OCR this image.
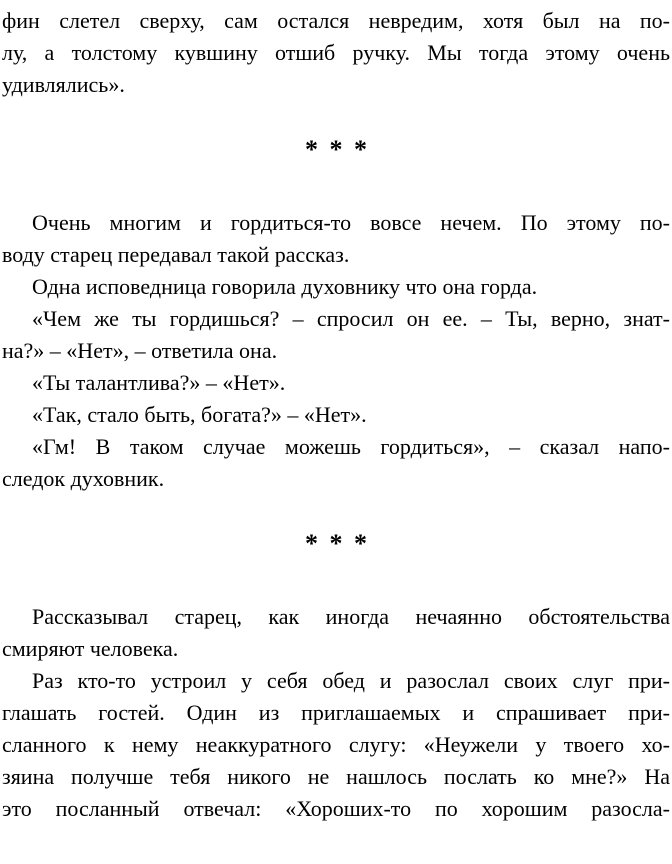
фин слетел сверху, сам остался невредим, хотя был на по-
лу, а толстому кувшину отшиб ручку. Мы тогда этому очень
удивлялись».
* * *
Очень многим и гордиться-то вовсе нечем. По этому по-
воду старец передавал такой рассказ.
Одна исповедница говорила духовнику что она горда.
«Чем же ты гордишься? – спросил он ее. – Ты, верно, знат-
на?» – «Нет», – ответила она.
«Ты талантлива?» – «Нет».
«Так, стало быть, богата?» – «Нет».
«Гм! В таком случае можешь гордиться», – сказал напо-
следок духовник.
* * *
Рассказывал старец, как иногда нечаянно обстоятельства
смиряют человека.
Раз кто-то устроил у себя обед и разослал своих слуг при-
глашать гостей. Один из приглашаемых и спрашивает при-
сланного к нему неаккуратного слугу: «Неужели у твоего хо-
зяина получше тебя никого не нашлось послать ко мне?» На
это посланный отвечал: «Хороших-то по хорошим разосла-
